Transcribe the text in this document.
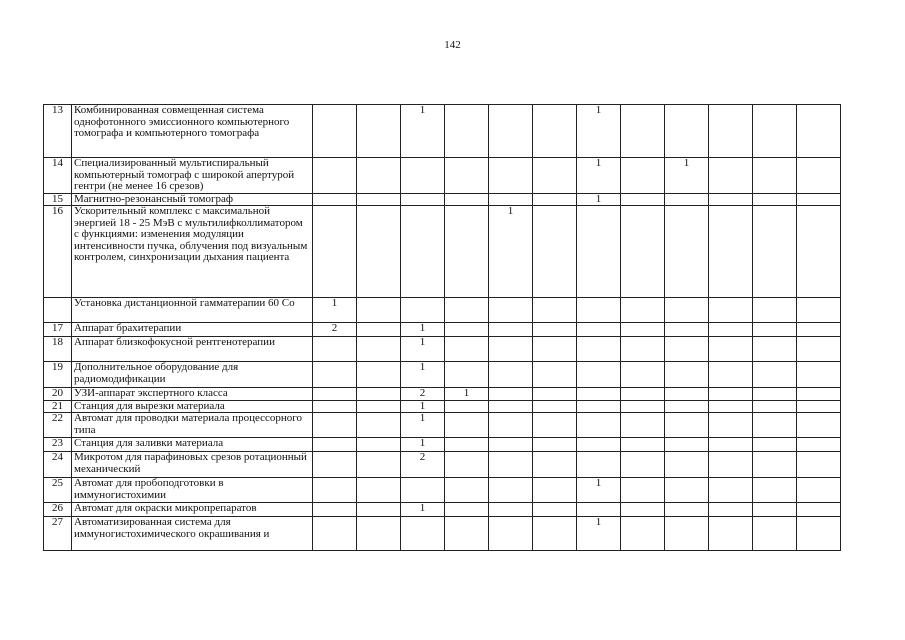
142
13	Комбинированная совмещенная система однофотонного эмиссионного компьютерного томографа и компьютерного томографа			1				1					
14	Специализированный мультиспиральный компьютерный томограф с широкой апертурой гентри (не менее 16 срезов)							1		1			
15	Магнитно-резонансный томограф							1					
16	Ускорительный комплекс с максимальной энергией 18 - 25 МэВ с мультилифколлиматором с функциями: изменения модуляции интенсивности пучка, облучения под визуальным контролем, синхронизации дыхания пациента					1							
	Установка дистанционной гамматерапии 60 Со	1											
17	Аппарат брахитерапии	2		1									
18	Аппарат близкофокусной рентгенотерапии			1									
19	Дополнительное оборудование для радиомодификации			1									
20	УЗИ-аппарат экспертного класса			2	1								
21	Станция для вырезки материала			1									
22	Автомат для проводки материала процессорного типа			1									
23	Станция для заливки материала			1									
24	Микротом для парафиновых срезов ротационный механический			2									
25	Автомат для пробоподготовки в иммуногистохимии							1					
26	Автомат для окраски микропрепаратов			1									
27	Автоматизированная система для иммуногистохимического окрашивания и							1					
